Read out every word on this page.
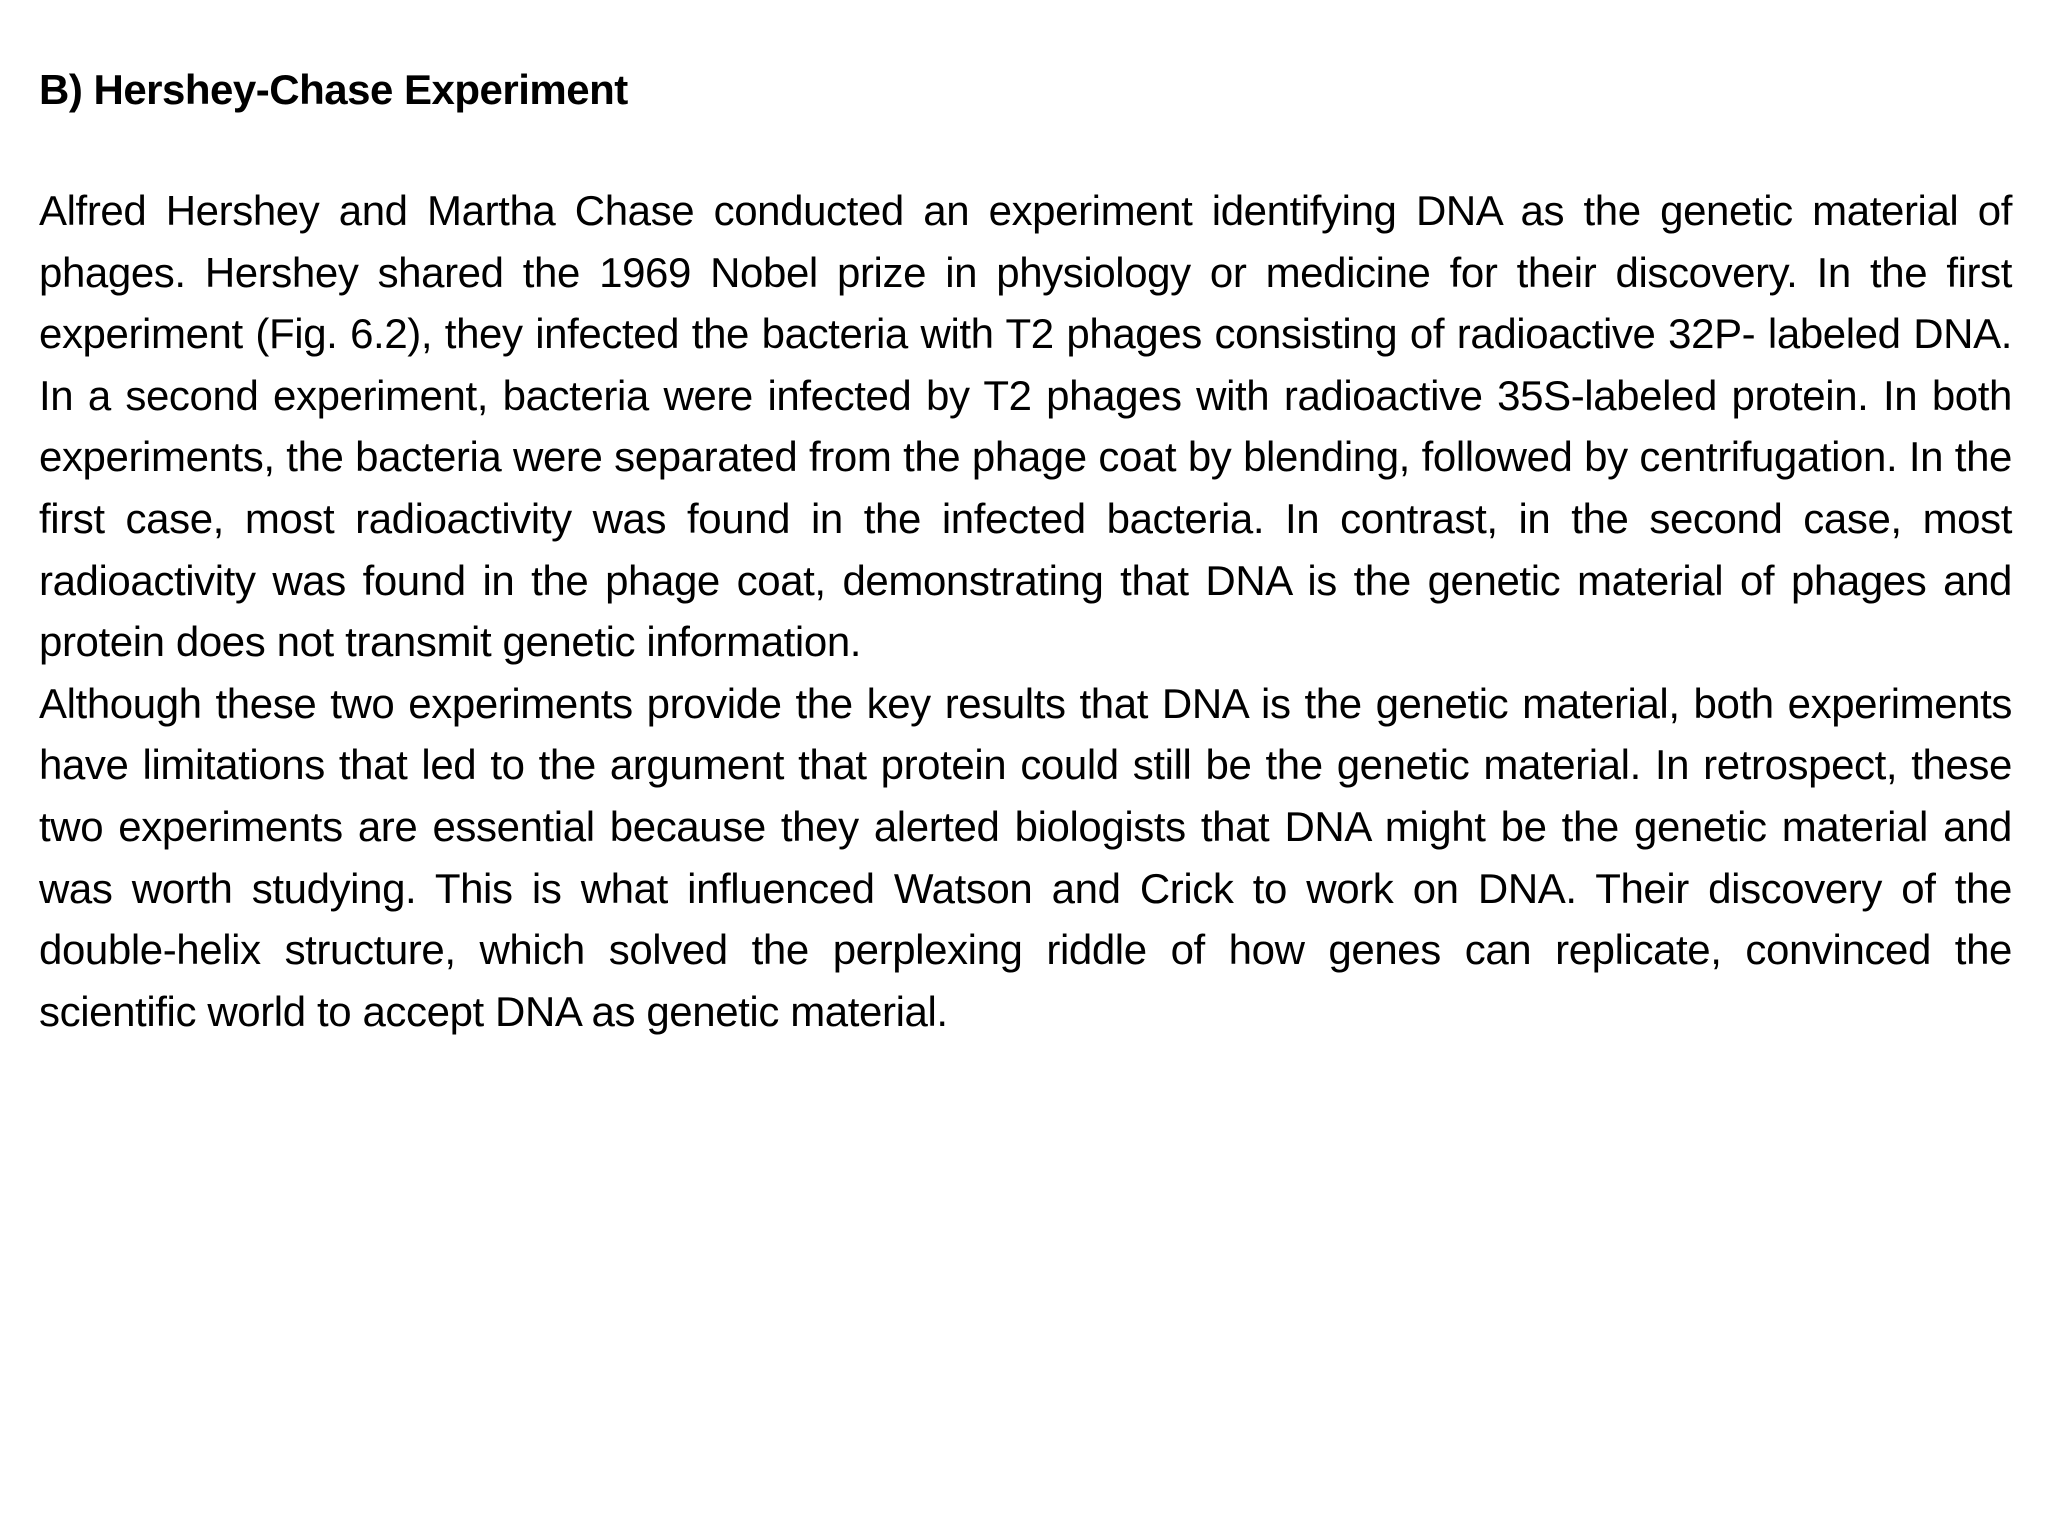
B) Hershey-Chase Experiment

Alfred Hershey and Martha Chase conducted an experiment identifying DNA as the genetic material of phages. Hershey shared the 1969 Nobel prize in physiology or medicine for their discovery. In the first experiment (Fig. 6.2), they infected the bacteria with T2 phages consisting of radioactive 32P- labeled DNA. In a second experiment, bacteria were infected by T2 phages with radioactive 35S-labeled protein. In both experiments, the bacteria were separated from the phage coat by blending, followed by centrifugation. In the first case, most radioactivity was found in the infected bacteria. In contrast, in the second case, most radioactivity was found in the phage coat, demonstrating that DNA is the genetic material of phages and protein does not transmit genetic information.

Although these two experiments provide the key results that DNA is the genetic material, both experiments have limitations that led to the argument that protein could still be the genetic material. In retrospect, these two experiments are essential because they alerted biologists that DNA might be the genetic material and was worth studying. This is what influenced Watson and Crick to work on DNA. Their discovery of the double-helix structure, which solved the perplexing riddle of how genes can replicate, convinced the scientific world to accept DNA as genetic material.
